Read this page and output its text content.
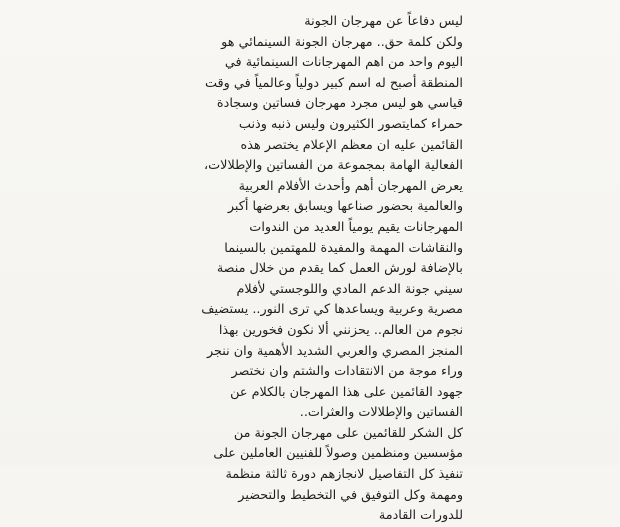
ليس دفاعاً عن مهرجان الجونة
ولكن كلمة حق.. مهرجان الجونة السينمائي هو
اليوم واحد من اهم المهرجانات السينمائية في
المنطقة أصبح له اسم كبير دولياً وعالمياً في وقت
قياسي هو ليس مجرد مهرجان فساتين وسجادة
حمراء كمايتصور الكثيرون وليس ذنبه وذنب
القائمين عليه ان معظم الإعلام يختصر هذه
الفعالية الهامة بمجموعة من الفساتين والإطلالات،
يعرض المهرجان أهم وأحدث الأفلام العربية
والعالمية بحضور صناعها ويسابق بعرضها أكبر
المهرجانات يقيم يومياً العديد من الندوات
والنقاشات المهمة والمفيدة للمهتمين بالسينما
بالإضافة لورش العمل كما يقدم من خلال منصة
سيني جونة الدعم المادي واللوجستي لأفلام
مصرية وعربية ويساعدها كي ترى النور.. يستضيف
نجوم من العالم.. يحزنني ألا نكون فخورين بهذا
المنجز المصري والعربي الشديد الأهمية وان ننجر
وراء موجة من الانتقادات والشتم وان نختصر
جهود القائمين على هذا المهرجان بالكلام عن
الفساتين والإطلالات والعثرات..
كل الشكر للقائمين على مهرجان الجونة من
مؤسسين ومنظمين وصولاً للفنيين العاملين على
تنفيذ كل التفاصيل لانجازهم دورة ثالثة منظمة
ومهمة وكل التوفيق في التخطيط والتحضير
للدورات القادمة
